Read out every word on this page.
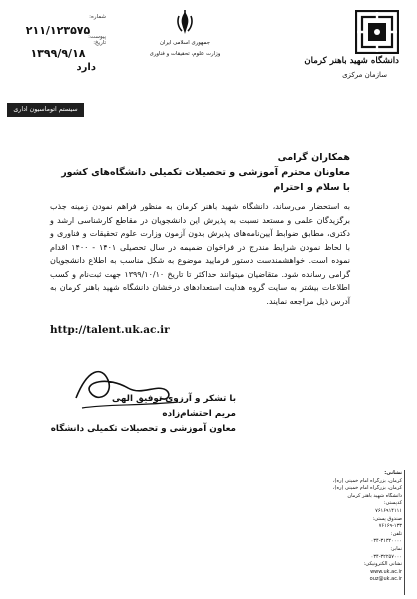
دانشگاه شهید باهنر کرمان
سازمان مرکزی
جمهوری اسلامی ایران
وزارت علوم، تحقیقات و فناوری
شماره:
۲۱۱/۱۲۳۵۷۵
پیوست:
تاریخ:
۱۳۹۹/۹/۱۸
دارد
سیستم اتوماسیون اداری
همکاران گرامی
معاونان محترم آموزشی و تحصیلات تکمیلی دانشگاه‌های کشور
با سلام و احترام
به استحضار می‌رساند، دانشگاه شهید باهنر کرمان به منظور فراهم نمودن زمینه جذب برگزیدگان علمی و مستعد نسبت به پذیرش این دانشجویان در مقاطع کارشناسی ارشد و دکتری، مطابق ضوابط آیین‌نامه‌های پذیرش بدون آزمون وزارت علوم تحقیقات و فناوری و با لحاظ نمودن شرایط مندرج در فراخوان ضمیمه در سال تحصیلی ۱۴۰۱ - ۱۴۰۰ اقدام نموده است. خواهشمندست دستور فرمایید موضوع به شکل مناسب به اطلاع دانشجویان گرامی رسانده شود. متقاضیان میتوانند حداکثر تا تاریخ ۱۳۹۹/۱۰/۱۰ جهت ثبت‌نام و کسب اطلاعات بیشتر به سایت گروه هدایت استعدادهای درخشان دانشگاه شهید باهنر کرمان به آدرس ذیل مراجعه نمایند.
http://talent.uk.ac.ir
با تشکر و آرزوی توفیق الهی
مریم احتشام‌زاده
معاون آموزشی و تحصیلات تکمیلی دانشگاه
نشانی:
کرمان، بزرگراه امام خمینی (ره)،
کرمان، بزرگراه امام خمینی (ره)،
دانشگاه شهید باهنر کرمان
کدپستی:
۷۶۱۶۹۱۴۱۱۱
صندوق پستی:
۷۶۱۶۹-۱۳۳
تلفن:
۰۳۴-۳۱۳۲۰۰۰۰
نمابر:
۰۳۴-۳۲۲۵۷۰۰۰
نشانی الکترونیکی:
www.uk.ac.ir
ouz@uk.ac.ir
